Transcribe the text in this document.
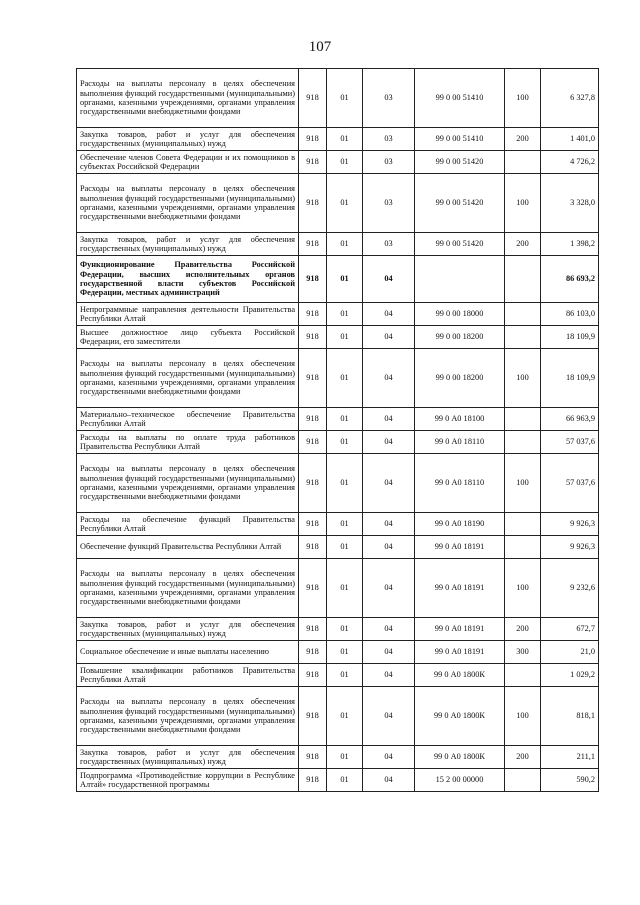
107
Расходы на выплаты персоналу в целях обеспечения выполнения функций государственными (муниципальными) органами, казенными учреждениями, органами управления государственными внебюджетными фондами	918	01	03	99 0 00 51410	100	6 327,8
Закупка товаров, работ и услуг для обеспечения государственных (муниципальных) нужд	918	01	03	99 0 00 51410	200	1 401,0
Обеспечение членов Совета Федерации и их помощников в субъектах Российской Федерации	918	01	03	99 0 00 51420		4 726,2
Расходы на выплаты персоналу в целях обеспечения выполнения функций государственными (муниципальными) органами, казенными учреждениями, органами управления государственными внебюджетными фондами	918	01	03	99 0 00 51420	100	3 328,0
Закупка товаров, работ и услуг для обеспечения государственных (муниципальных) нужд	918	01	03	99 0 00 51420	200	1 398,2
Функционирование Правительства Российской Федерации, высших исполнительных органов государственной власти субъектов Российской Федерации, местных администраций	918	01	04			86 693,2
Непрограммные направления деятельности Правительства Республики Алтай	918	01	04	99 0 00 18000		86 103,0
Высшее должностное лицо субъекта Российской Федерации, его заместители	918	01	04	99 0 00 18200		18 109,9
Расходы на выплаты персоналу в целях обеспечения выполнения функций государственными (муниципальными) органами, казенными учреждениями, органами управления государственными внебюджетными фондами	918	01	04	99 0 00 18200	100	18 109,9
Материально–техническое обеспечение Правительства Республики Алтай	918	01	04	99 0 А0 18100		66 963,9
Расходы на выплаты по оплате труда работников Правительства Республики Алтай	918	01	04	99 0 А0 18110		57 037,6
Расходы на выплаты персоналу в целях обеспечения выполнения функций государственными (муниципальными) органами, казенными учреждениями, органами управления государственными внебюджетными фондами	918	01	04	99 0 А0 18110	100	57 037,6
Расходы на обеспечение функций Правительства Республики Алтай	918	01	04	99 0 А0 18190		9 926,3
Обеспечение функций Правительства Республики Алтай	918	01	04	99 0 А0 18191		9 926,3
Расходы на выплаты персоналу в целях обеспечения выполнения функций государственными (муниципальными) органами, казенными учреждениями, органами управления государственными внебюджетными фондами	918	01	04	99 0 А0 18191	100	9 232,6
Закупка товаров, работ и услуг для обеспечения государственных (муниципальных) нужд	918	01	04	99 0 А0 18191	200	672,7
Социальное обеспечение и иные выплаты населению	918	01	04	99 0 А0 18191	300	21,0
Повышение квалификации работников Правительства Республики Алтай	918	01	04	99 0 А0 1800К		1 029,2
Расходы на выплаты персоналу в целях обеспечения выполнения функций государственными (муниципальными) органами, казенными учреждениями, органами управления государственными внебюджетными фондами	918	01	04	99 0 А0 1800К	100	818,1
Закупка товаров, работ и услуг для обеспечения государственных (муниципальных) нужд	918	01	04	99 0 А0 1800К	200	211,1
Подпрограмма «Противодействие коррупции в Республике Алтай» государственной программы	918	01	04	15 2 00 00000		590,2
